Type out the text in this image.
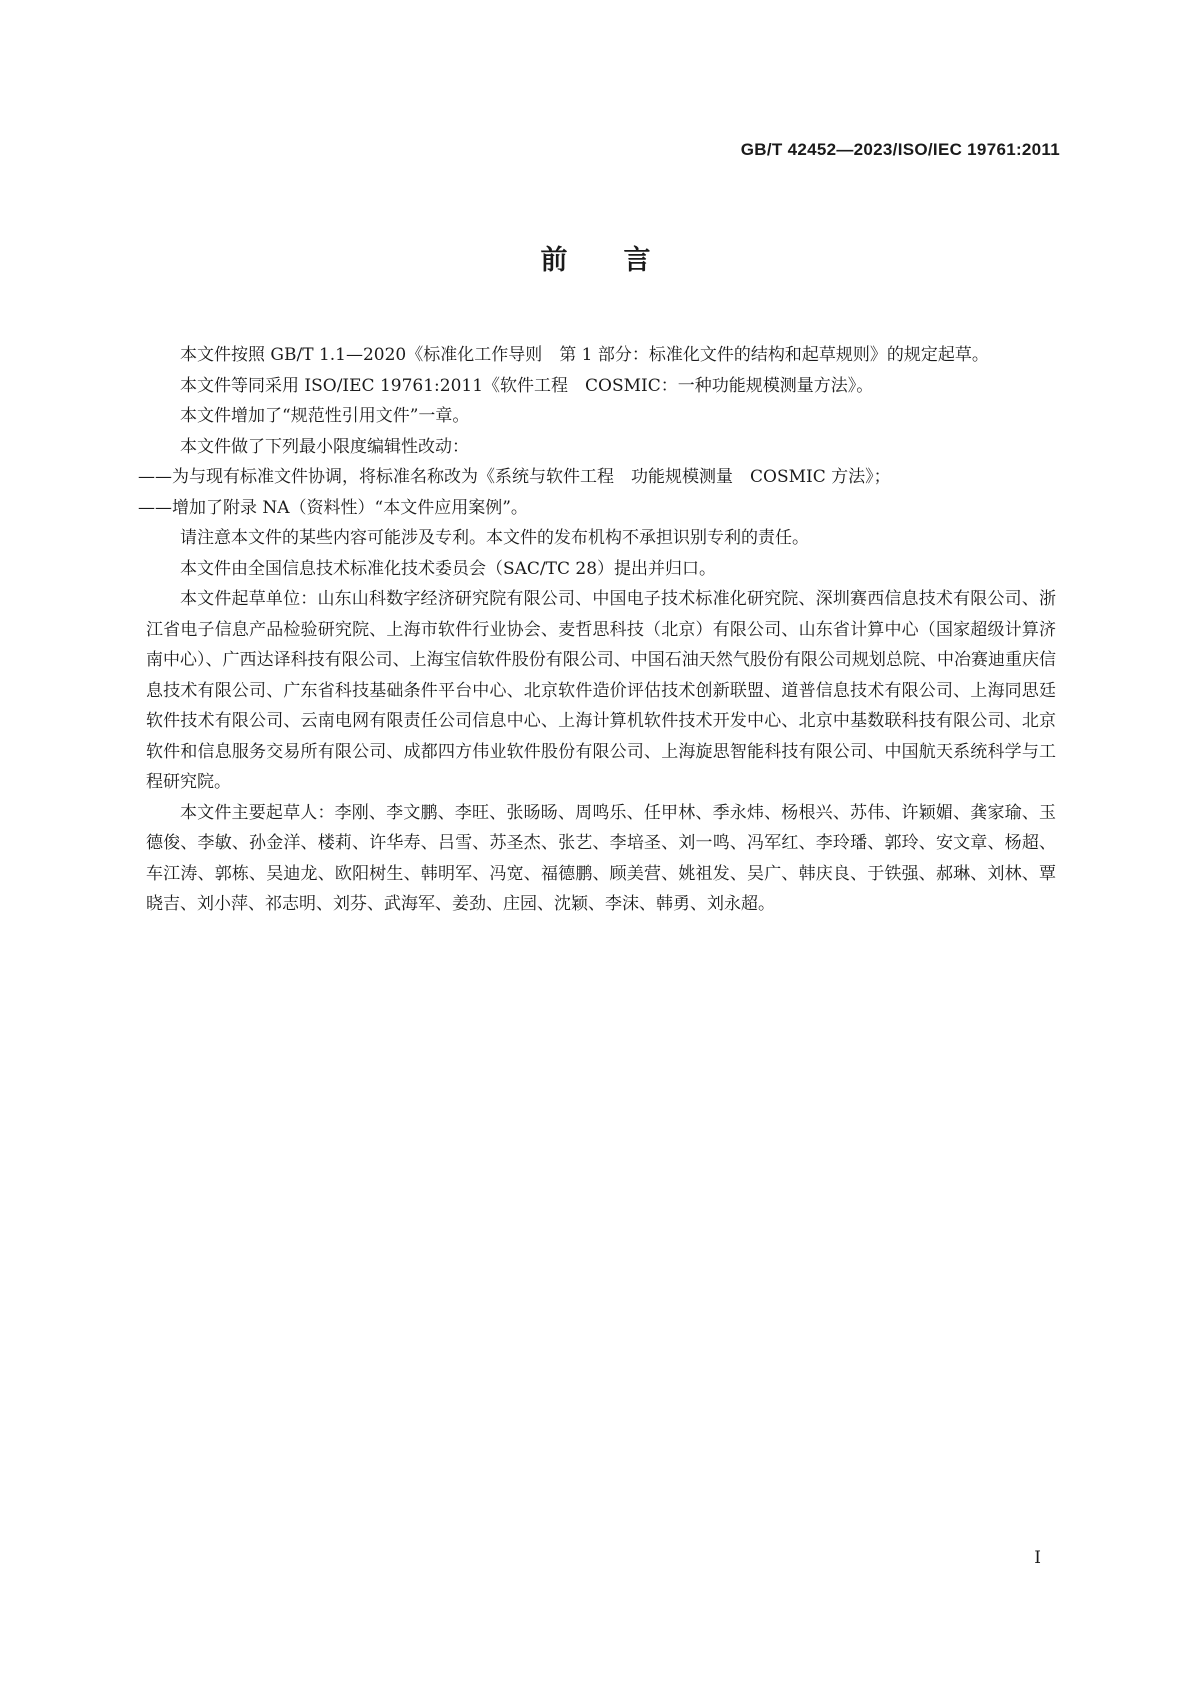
GB/T 42452—2023/ISO/IEC 19761:2011
前言

本文件按照 GB/T 1.1—2020《标准化工作导则　第 1 部分：标准化文件的结构和起草规则》的规定起草。

本文件等同采用 ISO/IEC 19761:2011《软件工程　COSMIC：一种功能规模测量方法》。

本文件增加了“规范性引用文件”一章。

本文件做了下列最小限度编辑性改动：

——为与现有标准文件协调，将标准名称改为《系统与软件工程　功能规模测量　COSMIC 方法》；

——增加了附录 NA（资料性）“本文件应用案例”。

请注意本文件的某些内容可能涉及专利。本文件的发布机构不承担识别专利的责任。

本文件由全国信息技术标准化技术委员会（SAC/TC 28）提出并归口。

本文件起草单位：山东山科数字经济研究院有限公司、中国电子技术标准化研究院、深圳赛西信息技术有限公司、浙江省电子信息产品检验研究院、上海市软件行业协会、麦哲思科技（北京）有限公司、山东省计算中心（国家超级计算济南中心）、广西达译科技有限公司、上海宝信软件股份有限公司、中国石油天然气股份有限公司规划总院、中冶赛迪重庆信息技术有限公司、广东省科技基础条件平台中心、北京软件造价评估技术创新联盟、道普信息技术有限公司、上海同思廷软件技术有限公司、云南电网有限责任公司信息中心、上海计算机软件技术开发中心、北京中基数联科技有限公司、北京软件和信息服务交易所有限公司、成都四方伟业软件股份有限公司、上海旋思智能科技有限公司、中国航天系统科学与工程研究院。

本文件主要起草人：李刚、李文鹏、李旺、张旸旸、周鸣乐、任甲林、季永炜、杨根兴、苏伟、许颖媚、龚家瑜、玉德俊、李敏、孙金洋、楼莉、许华寿、吕雪、苏圣杰、张艺、李培圣、刘一鸣、冯军红、李玲璠、郭玲、安文章、杨超、车江涛、郭栋、吴迪龙、欧阳树生、韩明军、冯宽、福德鹏、顾美营、姚祖发、吴广、韩庆良、于铁强、郝琳、刘林、覃晓吉、刘小萍、祁志明、刘芬、武海军、姜劲、庄园、沈颖、李沫、韩勇、刘永超。

I
